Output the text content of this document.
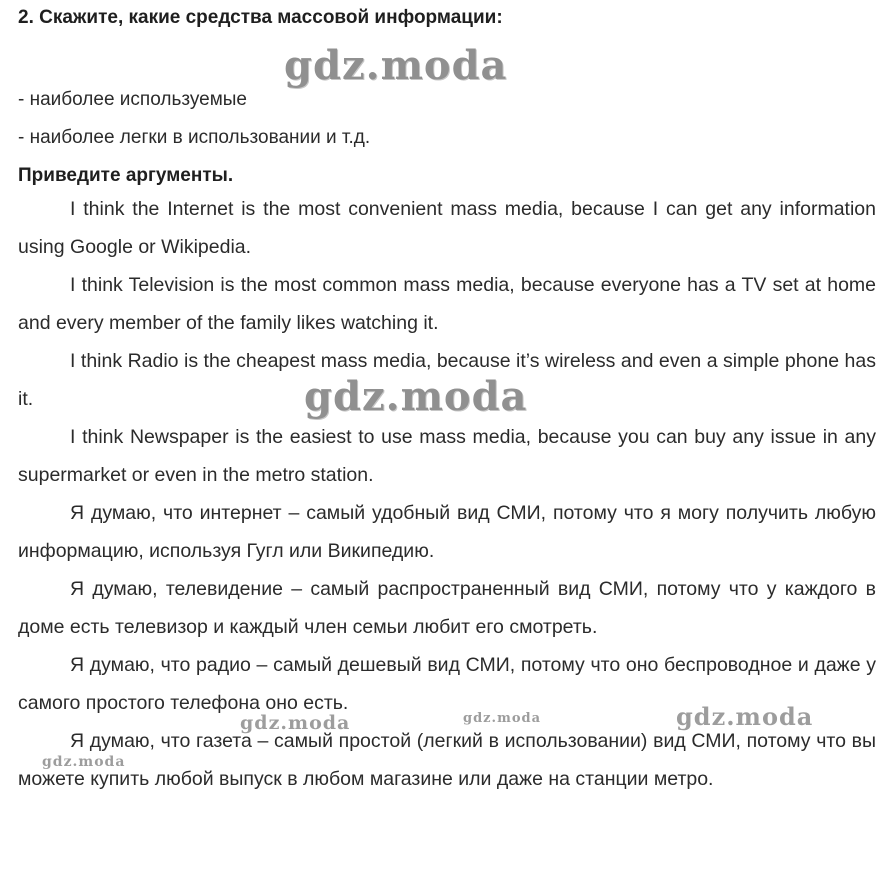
2. Скажите, какие средства массовой информации:

- наиболее используемые

- наиболее легки в использовании и т.д.

Приведите аргументы.

I think the Internet is the most convenient mass media, because I can get any information using Google or Wikipedia.

I think Television is the most common mass media, because everyone has a TV set at home and every member of the family likes watching it.

I think Radio is the cheapest mass media, because it’s wireless and even a simple phone has it.

I think Newspaper is the easiest to use mass media, because you can buy any issue in any supermarket or even in the metro station.

Я думаю, что интернет – самый удобный вид СМИ, потому что я могу получить любую информацию, используя Гугл или Википедию.

Я думаю, телевидение – самый распространенный вид СМИ, потому что у каждого в доме есть телевизор и каждый член семьи любит его смотреть.

Я думаю, что радио – самый дешевый вид СМИ, потому что оно беспроводное и даже у самого простого телефона оно есть.

Я думаю, что газета – самый простой (легкий в использовании) вид СМИ, потому что вы можете купить любой выпуск в любом магазине или даже на станции метро.

gdz.moda
gdz.moda
gdz.moda
gdz.moda	gdz.moda
gdz.moda
